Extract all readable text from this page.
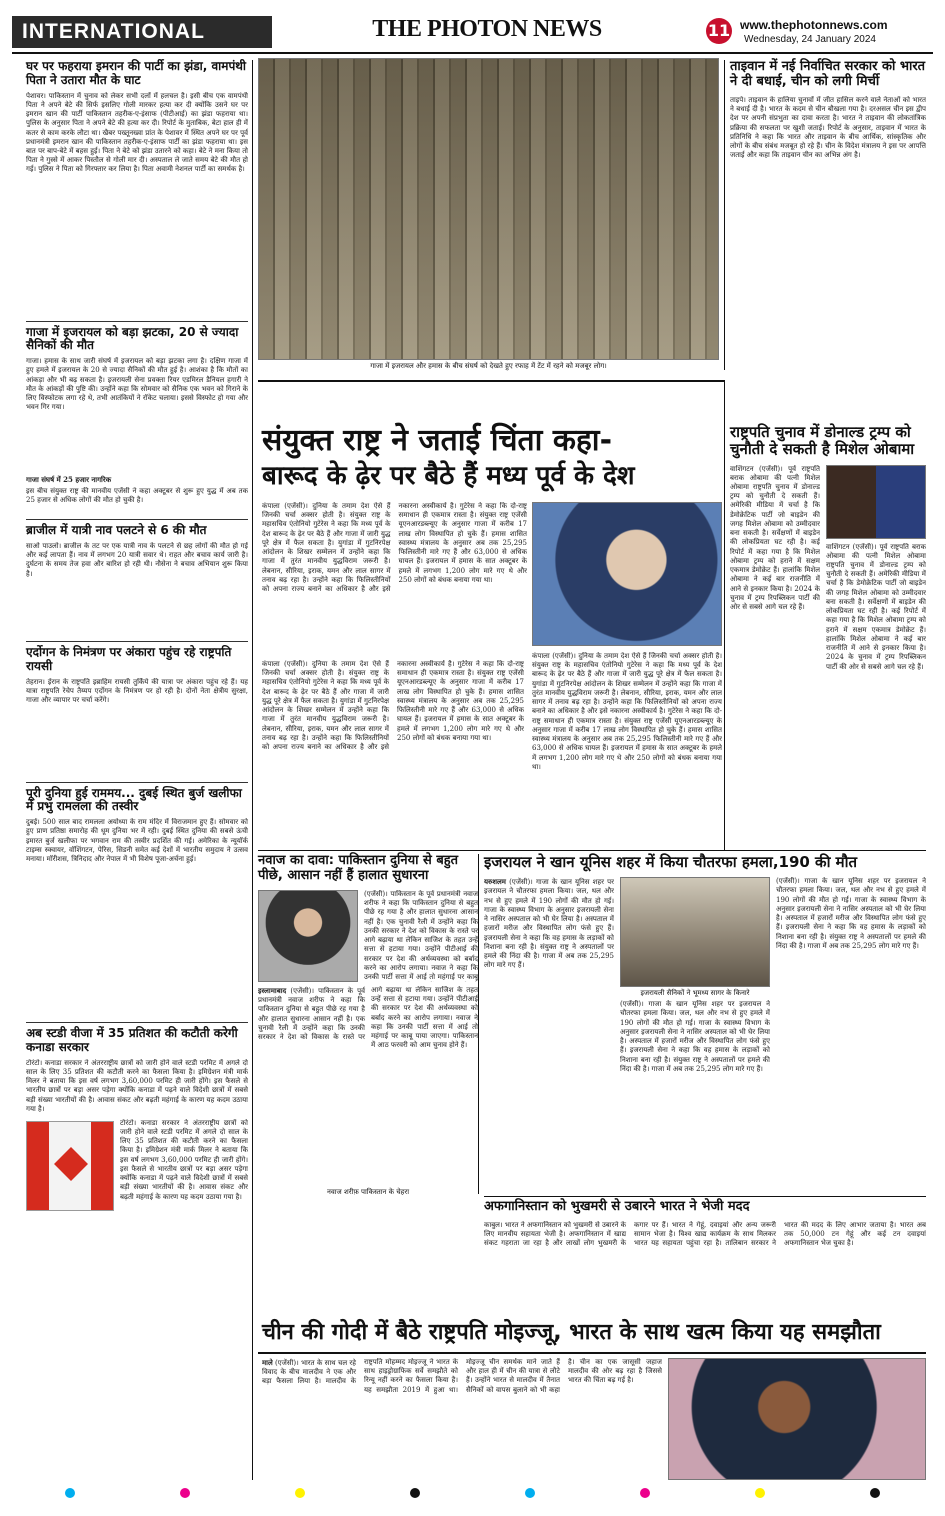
INTERNATIONAL	THE PHOTON NEWS	11 www.thephotonnews.com
Wednesday, 24 January 2024
घर पर फहराया इमरान की पार्टी का झंडा, वामपंथी पिता ने उतारा मौत के घाट
पेशावर। पाकिस्तान में चुनाव को लेकर सभी दलों में हलचल है। इसी बीच एक वामपंथी पिता ने अपने बेटे की सिर्फ इसलिए गोली मारकर हत्या कर दी क्योंकि उसने घर पर इमरान खान की पार्टी पाकिस्तान तहरीक-ए-इंसाफ (पीटीआई) का झंडा फहराया था। पुलिस के अनुसार पिता ने अपने बेटे की हत्या कर दी। रिपोर्ट के मुताबिक, बेटा हाल ही में कतर से काम करके लौटा था। खैबर पख्तूनख्वा प्रांत के पेशावर में स्थित अपने घर पर पूर्व प्रधानमंत्री इमरान खान की पाकिस्तान तहरीक-ए-इंसाफ पार्टी का झंडा फहराया था। इस बात पर बाप-बेटे में बहस हुई। पिता ने बेटे को झंडा उतारने को कहा। बेटे ने मना किया तो पिता ने गुस्से में आकर पिस्तौल से गोली मार दी। अस्पताल ले जाते समय बेटे की मौत हो गई। पुलिस ने पिता को गिरफ्तार कर लिया है। पिता अवामी नेशनल पार्टी का समर्थक है।
गाजा में इजरायल को बड़ा झटका, 20 से ज्यादा सैनिकों की मौत
गाजा। हमास के साथ जारी संघर्ष में इजरायल को बड़ा झटका लगा है। दक्षिण गाजा में हुए हमले में इजरायल के 20 से ज्यादा सैनिकों की मौत हुई है। आशंका है कि मौतों का आंकड़ा और भी बढ़ सकता है। इजरायली सेना प्रवक्ता रियर एडमिरल डैनियल हगारी ने मौत के आंकड़ों की पुष्टि की। उन्होंने कहा कि सोमवार को सैनिक एक भवन को गिराने के लिए विस्फोटक लगा रहे थे, तभी आतंकियों ने रॉकेट चलाया। इससे विस्फोट हो गया और भवन गिर गया।
गाजा संघर्ष में 25 हजार नागरिक
इस बीच संयुक्त राष्ट्र की मानवीय एजेंसी ने कहा अक्टूबर से शुरू हुए युद्ध में अब तक 25 हजार से अधिक लोगों की मौत हो चुकी है।
ब्राजील में यात्री नाव पलटने से 6 की मौत
साओ पाउलो। ब्राजील के तट पर एक यात्री नाव के पलटने से छह लोगों की मौत हो गई और कई लापता हैं। नाव में लगभग 20 यात्री सवार थे। राहत और बचाव कार्य जारी है। दुर्घटना के समय तेज हवा और बारिश हो रही थी। नौसेना ने बचाव अभियान शुरू किया है।
एर्दोगन के निमंत्रण पर अंकारा पहुंच रहे राष्ट्रपति रायसी
तेहरान। ईरान के राष्ट्रपति इब्राहिम रायसी तुर्किये की यात्रा पर अंकारा पहुंच रहे हैं। यह यात्रा राष्ट्रपति रेचेप तैय्यप एर्दोगन के निमंत्रण पर हो रही है। दोनों नेता क्षेत्रीय सुरक्षा, गाजा और व्यापार पर चर्चा करेंगे।
पूरी दुनिया हुई राममय... दुबई स्थित बुर्ज खलीफा में प्रभु रामलला की तस्वीर
दुबई। 500 साल बाद रामलला अयोध्या के राम मंदिर में विराजमान हुए हैं। सोमवार को हुए प्राण प्रतिष्ठा समारोह की धूम दुनिया भर में रही। दुबई स्थित दुनिया की सबसे ऊंची इमारत बुर्ज खलीफा पर भगवान राम की तस्वीर प्रदर्शित की गई। अमेरिका के न्यूयॉर्क टाइम्स स्क्वायर, वॉशिंगटन, पेरिस, सिडनी समेत कई देशों में भारतीय समुदाय ने उत्सव मनाया। मॉरीशस, त्रिनिदाद और नेपाल में भी विशेष पूजा-अर्चना हुई।
अब स्टडी वीजा में 35 प्रतिशत की कटौती करेगी कनाडा सरकार
टोरंटो। कनाडा सरकार ने अंतरराष्ट्रीय छात्रों को जारी होने वाले स्टडी परमिट में अगले दो साल के लिए 35 प्रतिशत की कटौती करने का फैसला किया है। इमिग्रेशन मंत्री मार्क मिलर ने बताया कि इस वर्ष लगभग 3,60,000 परमिट ही जारी होंगे। इस फैसले से भारतीय छात्रों पर बड़ा असर पड़ेगा क्योंकि कनाडा में पढ़ने वाले विदेशी छात्रों में सबसे बड़ी संख्या भारतीयों की है। आवास संकट और बढ़ती महंगाई के कारण यह कदम उठाया गया है।
टोरंटो। कनाडा सरकार ने अंतरराष्ट्रीय छात्रों को जारी होने वाले स्टडी परमिट में अगले दो साल के लिए 35 प्रतिशत की कटौती करने का फैसला किया है। इमिग्रेशन मंत्री मार्क मिलर ने बताया कि इस वर्ष लगभग 3,60,000 परमिट ही जारी होंगे। इस फैसले से भारतीय छात्रों पर बड़ा असर पड़ेगा क्योंकि कनाडा में पढ़ने वाले विदेशी छात्रों में सबसे बड़ी संख्या भारतीयों की है। आवास संकट और बढ़ती महंगाई के कारण यह कदम उठाया गया है।
गाजा में इजरायल और हमास के बीच संघर्ष को देखते हुए रफाह में टेंट में रहने को मजबूर लोग।
ताइवान में नई निर्वाचित सरकार को भारत ने दी बधाई, चीन को लगी मिर्ची
ताइपे। ताइवान के हालिया चुनावों में जीत हासिल करने वाले नेताओं को भारत ने बधाई दी है। भारत के कदम से चीन बौखला गया है। दरअसल चीन इस द्वीप देश पर अपनी संप्रभुता का दावा करता है। भारत ने ताइवान की लोकतांत्रिक प्रक्रिया की सफलता पर खुशी जताई। रिपोर्ट के अनुसार, ताइवान में भारत के प्रतिनिधि ने कहा कि भारत और ताइवान के बीच आर्थिक, सांस्कृतिक और लोगों के बीच संबंध मजबूत हो रहे हैं। चीन के विदेश मंत्रालय ने इस पर आपत्ति जताई और कहा कि ताइवान चीन का अभिन्न अंग है।
संयुक्त राष्ट्र ने जताई चिंता कहा-
बारूद के ढ़ेर पर बैठे हैं मध्य पूर्व के देश
कंपाला (एजेंसी)। दुनिया के तमाम देश ऐसे हैं जिनकी चर्चा अक्सर होती है। संयुक्त राष्ट्र के महासचिव एंतोनियो गुटेरेस ने कहा कि मध्य पूर्व के देश बारूद के ढ़ेर पर बैठे हैं और गाजा में जारी युद्ध पूरे क्षेत्र में फैल सकता है। युगांडा में गुटनिरपेक्ष आंदोलन के शिखर सम्मेलन में उन्होंने कहा कि गाजा में तुरंत मानवीय युद्धविराम जरूरी है। लेबनान, सीरिया, इराक, यमन और लाल सागर में तनाव बढ़ रहा है। उन्होंने कहा कि फिलिस्तीनियों को अपना राज्य बनाने का अधिकार है और इसे नकारना अस्वीकार्य है। गुटेरेस ने कहा कि दो-राष्ट्र समाधान ही एकमात्र रास्ता है। संयुक्त राष्ट्र एजेंसी यूएनआरडब्ल्यूए के अनुसार गाजा में करीब 17 लाख लोग विस्थापित हो चुके हैं। हमास शासित स्वास्थ्य मंत्रालय के अनुसार अब तक 25,295 फिलिस्तीनी मारे गए हैं और 63,000 से अधिक घायल हैं। इजरायल में हमास के सात अक्टूबर के हमले में लगभग 1,200 लोग मारे गए थे और 250 लोगों को बंधक बनाया गया था।
कंपाला (एजेंसी)। दुनिया के तमाम देश ऐसे हैं जिनकी चर्चा अक्सर होती है। संयुक्त राष्ट्र के महासचिव एंतोनियो गुटेरेस ने कहा कि मध्य पूर्व के देश बारूद के ढ़ेर पर बैठे हैं और गाजा में जारी युद्ध पूरे क्षेत्र में फैल सकता है। युगांडा में गुटनिरपेक्ष आंदोलन के शिखर सम्मेलन में उन्होंने कहा कि गाजा में तुरंत मानवीय युद्धविराम जरूरी है। लेबनान, सीरिया, इराक, यमन और लाल सागर में तनाव बढ़ रहा है। उन्होंने कहा कि फिलिस्तीनियों को अपना राज्य बनाने का अधिकार है और इसे नकारना अस्वीकार्य है। गुटेरेस ने कहा कि दो-राष्ट्र समाधान ही एकमात्र रास्ता है। संयुक्त राष्ट्र एजेंसी यूएनआरडब्ल्यूए के अनुसार गाजा में करीब 17 लाख लोग विस्थापित हो चुके हैं। हमास शासित स्वास्थ्य मंत्रालय के अनुसार अब तक 25,295 फिलिस्तीनी मारे गए हैं और 63,000 से अधिक घायल हैं। इजरायल में हमास के सात अक्टूबर के हमले में लगभग 1,200 लोग मारे गए थे और 250 लोगों को बंधक बनाया गया था।
कंपाला (एजेंसी)। दुनिया के तमाम देश ऐसे हैं जिनकी चर्चा अक्सर होती है। संयुक्त राष्ट्र के महासचिव एंतोनियो गुटेरेस ने कहा कि मध्य पूर्व के देश बारूद के ढ़ेर पर बैठे हैं और गाजा में जारी युद्ध पूरे क्षेत्र में फैल सकता है। युगांडा में गुटनिरपेक्ष आंदोलन के शिखर सम्मेलन में उन्होंने कहा कि गाजा में तुरंत मानवीय युद्धविराम जरूरी है। लेबनान, सीरिया, इराक, यमन और लाल सागर में तनाव बढ़ रहा है। उन्होंने कहा कि फिलिस्तीनियों को अपना राज्य बनाने का अधिकार है और इसे नकारना अस्वीकार्य है। गुटेरेस ने कहा कि दो-राष्ट्र समाधान ही एकमात्र रास्ता है। संयुक्त राष्ट्र एजेंसी यूएनआरडब्ल्यूए के अनुसार गाजा में करीब 17 लाख लोग विस्थापित हो चुके हैं। हमास शासित स्वास्थ्य मंत्रालय के अनुसार अब तक 25,295 फिलिस्तीनी मारे गए हैं और 63,000 से अधिक घायल हैं। इजरायल में हमास के सात अक्टूबर के हमले में लगभग 1,200 लोग मारे गए थे और 250 लोगों को बंधक बनाया गया था।
राष्ट्रपति चुनाव में डोनाल्ड ट्रम्प को चुनौती दे सकती है मिशेल ओबामा
वाशिंगटन (एजेंसी)। पूर्व राष्ट्रपति बराक ओबामा की पत्नी मिशेल ओबामा राष्ट्रपति चुनाव में डोनाल्ड ट्रम्प को चुनौती दे सकती हैं। अमेरिकी मीडिया में चर्चा है कि डेमोक्रेटिक पार्टी जो बाइडेन की जगह मिशेल ओबामा को उम्मीदवार बना सकती है। सर्वेक्षणों में बाइडेन की लोकप्रियता घट रही है। कई रिपोर्ट में कहा गया है कि मिशेल ओबामा ट्रम्प को हराने में सक्षम एकमात्र डेमोक्रेट हैं। हालांकि मिशेल ओबामा ने कई बार राजनीति में आने से इनकार किया है। 2024 के चुनाव में ट्रम्प रिपब्लिकन पार्टी की ओर से सबसे आगे चल रहे हैं।
वाशिंगटन (एजेंसी)। पूर्व राष्ट्रपति बराक ओबामा की पत्नी मिशेल ओबामा राष्ट्रपति चुनाव में डोनाल्ड ट्रम्प को चुनौती दे सकती हैं। अमेरिकी मीडिया में चर्चा है कि डेमोक्रेटिक पार्टी जो बाइडेन की जगह मिशेल ओबामा को उम्मीदवार बना सकती है। सर्वेक्षणों में बाइडेन की लोकप्रियता घट रही है। कई रिपोर्ट में कहा गया है कि मिशेल ओबामा ट्रम्प को हराने में सक्षम एकमात्र डेमोक्रेट हैं। हालांकि मिशेल ओबामा ने कई बार राजनीति में आने से इनकार किया है। 2024 के चुनाव में ट्रम्प रिपब्लिकन पार्टी की ओर से सबसे आगे चल रहे हैं।
नवाज का दावा: पाकिस्तान दुनिया से बहुत पीछे, आसान नहीं हैं हालात सुधारना
(एजेंसी)। पाकिस्तान के पूर्व प्रधानमंत्री नवाज शरीफ ने कहा कि पाकिस्तान दुनिया से बहुत पीछे रह गया है और हालात सुधारना आसान नहीं है। एक चुनावी रैली में उन्होंने कहा कि उनकी सरकार ने देश को विकास के रास्ते पर आगे बढ़ाया था लेकिन साजिश के तहत उन्हें सत्ता से हटाया गया। उन्होंने पीटीआई की सरकार पर देश की अर्थव्यवस्था को बर्बाद करने का आरोप लगाया। नवाज ने कहा कि उनकी पार्टी सत्ता में आई तो महंगाई पर काबू
इस्लामाबाद (एजेंसी)। पाकिस्तान के पूर्व प्रधानमंत्री नवाज शरीफ ने कहा कि पाकिस्तान दुनिया से बहुत पीछे रह गया है और हालात सुधारना आसान नहीं है। एक चुनावी रैली में उन्होंने कहा कि उनकी सरकार ने देश को विकास के रास्ते पर आगे बढ़ाया था लेकिन साजिश के तहत उन्हें सत्ता से हटाया गया। उन्होंने पीटीआई की सरकार पर देश की अर्थव्यवस्था को बर्बाद करने का आरोप लगाया। नवाज ने कहा कि उनकी पार्टी सत्ता में आई तो महंगाई पर काबू पाया जाएगा। पाकिस्तान में आठ फरवरी को आम चुनाव होने हैं।
नवाज शरीफ़ पाकिस्तान के चेहरा
इजरायल ने खान यूनिस शहर में किया चौतरफा हमला,190 की मौत
यरुशलम (एजेंसी)। गाजा के खान यूनिस शहर पर इजरायल ने चौतरफा हमला किया। जल, थल और नभ से हुए हमले में 190 लोगों की मौत हो गई। गाजा के स्वास्थ्य विभाग के अनुसार इजरायली सेना ने नासिर अस्पताल को भी घेर लिया है। अस्पताल में हजारों मरीज और विस्थापित लोग फंसे हुए हैं। इजरायली सेना ने कहा कि वह हमास के लड़ाकों को निशाना बना रही है। संयुक्त राष्ट्र ने अस्पतालों पर हमले की निंदा की है। गाजा में अब तक 25,295 लोग मारे गए हैं।
इजरायली सैनिकों ने भूमध्य सागर के किनारे
(एजेंसी)। गाजा के खान यूनिस शहर पर इजरायल ने चौतरफा हमला किया। जल, थल और नभ से हुए हमले में 190 लोगों की मौत हो गई। गाजा के स्वास्थ्य विभाग के अनुसार इजरायली सेना ने नासिर अस्पताल को भी घेर लिया है। अस्पताल में हजारों मरीज और विस्थापित लोग फंसे हुए हैं। इजरायली सेना ने कहा कि वह हमास के लड़ाकों को निशाना बना रही है। संयुक्त राष्ट्र ने अस्पतालों पर हमले की निंदा की है। गाजा में अब तक 25,295 लोग मारे गए हैं।
(एजेंसी)। गाजा के खान यूनिस शहर पर इजरायल ने चौतरफा हमला किया। जल, थल और नभ से हुए हमले में 190 लोगों की मौत हो गई। गाजा के स्वास्थ्य विभाग के अनुसार इजरायली सेना ने नासिर अस्पताल को भी घेर लिया है। अस्पताल में हजारों मरीज और विस्थापित लोग फंसे हुए हैं। इजरायली सेना ने कहा कि वह हमास के लड़ाकों को निशाना बना रही है। संयुक्त राष्ट्र ने अस्पतालों पर हमले की निंदा की है। गाजा में अब तक 25,295 लोग मारे गए हैं।
अफगानिस्तान को भुखमरी से उबारने भारत ने भेजी मदद
काबुल। भारत ने अफगानिस्तान को भुखमरी से उबारने के लिए मानवीय सहायता भेजी है। अफगानिस्तान में खाद्य संकट गहराता जा रहा है और लाखों लोग भुखमरी के कगार पर हैं। भारत ने गेहूं, दवाइयां और अन्य जरूरी सामान भेजा है। विश्व खाद्य कार्यक्रम के साथ मिलकर भारत यह सहायता पहुंचा रहा है। तालिबान सरकार ने भारत की मदद के लिए आभार जताया है। भारत अब तक 50,000 टन गेहूं और कई टन दवाइयां अफगानिस्तान भेज चुका है।
चीन की गोदी में बैठे राष्ट्रपति मोइज्जू, भारत के साथ खत्म किया यह समझौता
माले (एजेंसी)। भारत के साथ चल रहे विवाद के बीच मालदीव ने एक और बड़ा फैसला लिया है। मालदीव के राष्ट्रपति मोहम्मद मोइज्जू ने भारत के साथ हाइड्रोग्राफिक सर्वे समझौते को रिन्यू नहीं करने का फैसला किया है। यह समझौता 2019 में हुआ था। मोइज्जू चीन समर्थक माने जाते हैं और हाल ही में चीन की यात्रा से लौटे हैं। उन्होंने भारत से मालदीव में तैनात सैनिकों को वापस बुलाने को भी कहा है। चीन का एक जासूसी जहाज मालदीव की ओर बढ़ रहा है जिससे भारत की चिंता बढ़ गई है।
